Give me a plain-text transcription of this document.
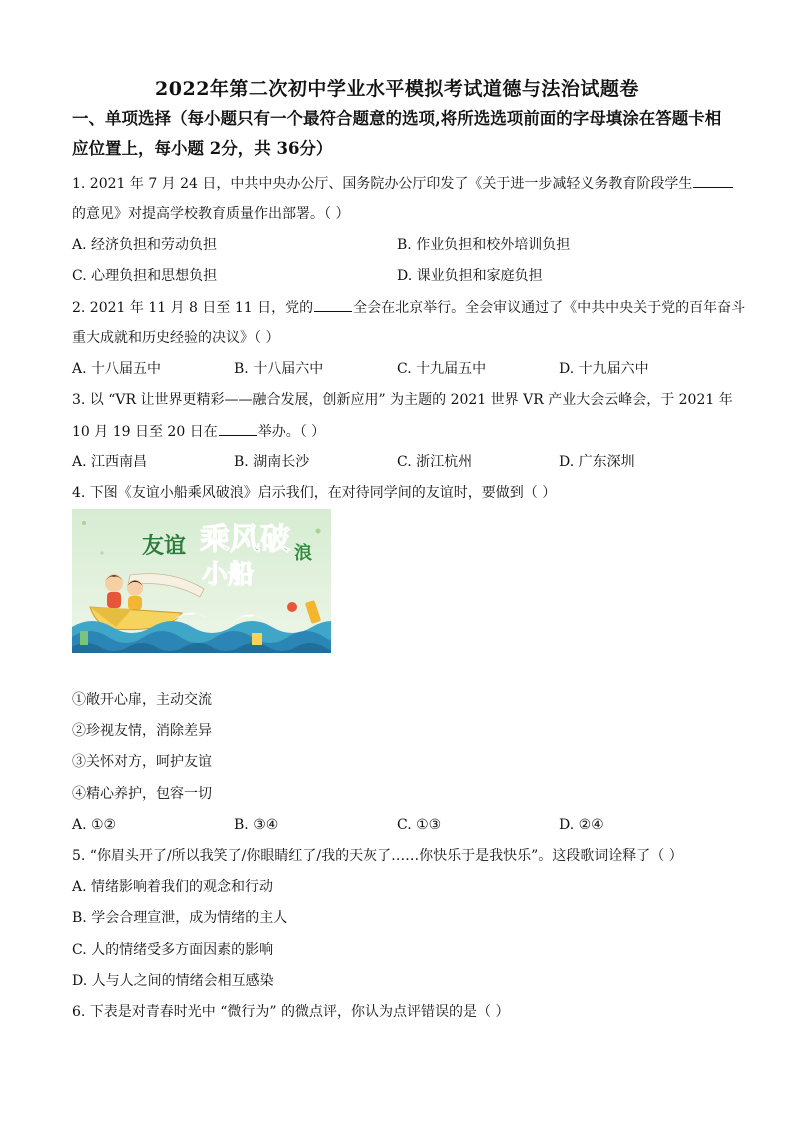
2022年第二次初中学业水平模拟考试道德与法治试题卷
一、单项选择（每小题只有一个最符合题意的选项,将所选选项前面的字母填涂在答题卡相
应位置上，每小题 2分，共 36分）
1. 2021 年 7 月 24 日，中共中央办公厅、国务院办公厅印发了《关于进一步减轻义务教育阶段学生
的意见》对提高学校教育质量作出部署。（ ）
A. 经济负担和劳动负担	B. 作业负担和校外培训负担
C. 心理负担和思想负担	D. 课业负担和家庭负担
2. 2021 年 11 月 8 日至 11 日，党的	全会在北京举行。全会审议通过了《中共中央关于党的百年奋斗
重大成就和历史经验的决议》（ ）
A. 十八届五中	B. 十八届六中	C. 十九届五中	D. 十九届六中
3. 以 “VR 让世界更精彩——融合发展，创新应用” 为主题的 2021 世界 VR 产业大会云峰会，于 2021 年
10 月 19 日至 20 日在	举办。（ ）
A. 江西南昌	B. 湖南长沙	C. 浙江杭州	D. 广东深圳
4. 下图《友谊小船乘风破浪》启示我们，在对待同学间的友谊时，要做到（ ）
友谊 乘风破 浪
小船
①敞开心扉，主动交流
②珍视友情，消除差异
③关怀对方，呵护友谊
④精心养护，包容一切
A. ①②	B. ③④	C. ①③	D. ②④
5. “你眉头开了/所以我笑了/你眼睛红了/我的天灰了……你快乐于是我快乐”。这段歌词诠释了（ ）
A. 情绪影响着我们的观念和行动
B. 学会合理宣泄，成为情绪的主人
C. 人的情绪受多方面因素的影响
D. 人与人之间的情绪会相互感染
6. 下表是对青春时光中 “微行为” 的微点评，你认为点评错误的是（ ）
